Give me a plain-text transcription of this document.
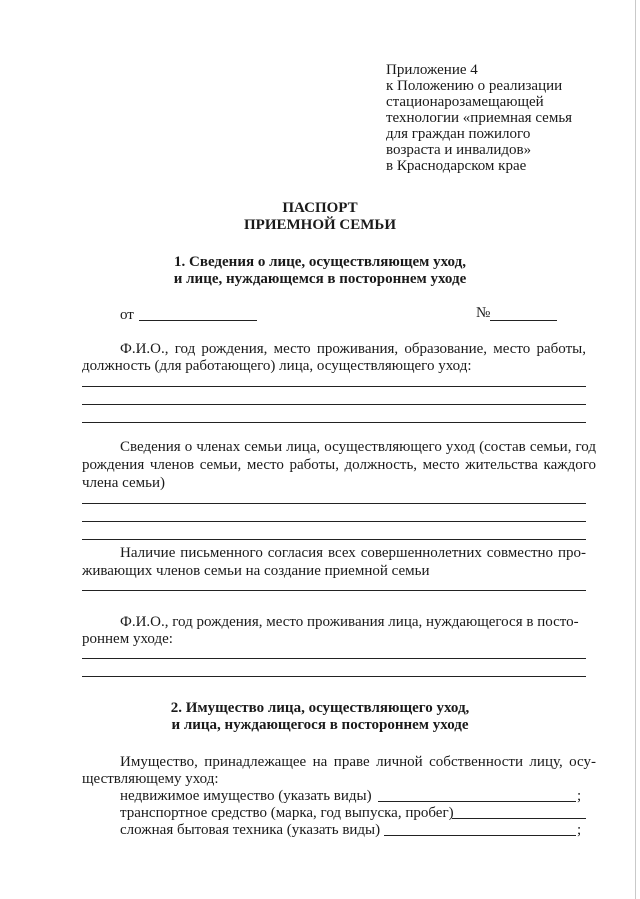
Приложение 4
к Положению о реализации
стационарозамещающей
технологии «приемная семья
для граждан пожилого
возраста и инвалидов»
в Краснодарском крае
ПАСПОРТ
ПРИЕМНОЙ СЕМЬИ
1. Сведения о лице, осуществляющем уход,
и лице, нуждающемся в постороннем уходе
от	№
Ф.И.О., год рождения, место проживания, образование, место работы,
должность (для работающего) лица, осуществляющего уход:
Сведения о членах семьи лица, осуществляющего уход (состав семьи, год
рождения членов семьи, место работы, должность, место жительства каждого
члена семьи)
Наличие письменного согласия всех совершеннолетних совместно про-
живающих членов семьи на создание приемной семьи
Ф.И.О., год рождения, место проживания лица, нуждающегося в посто-
роннем уходе:
2. Имущество лица, осуществляющего уход,
и лица, нуждающегося в постороннем уходе
Имущество, принадлежащее на праве личной собственности лицу, осу-
ществляющему уход:
недвижимое имущество (указать виды)	;
транспортное средство (марка, год выпуска, пробег)
сложная бытовая техника (указать виды)	;
